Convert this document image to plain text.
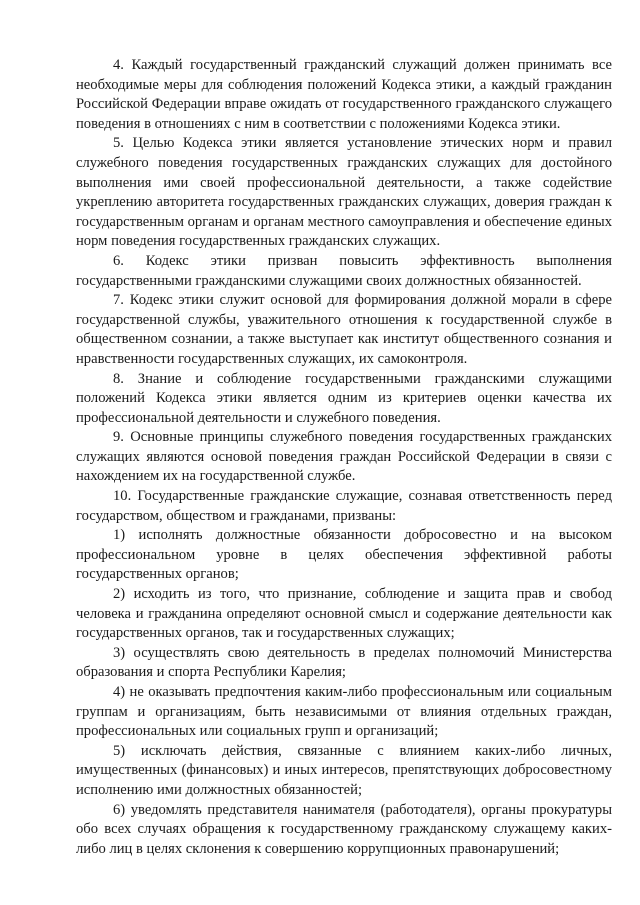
4. Каждый государственный гражданский служащий должен принимать все необходимые меры для соблюдения положений Кодекса этики, а каждый гражданин Российской Федерации вправе ожидать от государственного гражданского служащего поведения в отношениях с ним в соответствии с положениями Кодекса этики.

5. Целью Кодекса этики является установление этических норм и правил служебного поведения государственных гражданских служащих для достойного выполнения ими своей профессиональной деятельности, а также содействие укреплению авторитета государственных гражданских служащих, доверия граждан к государственным органам и органам местного самоуправления и обеспечение единых норм поведения государственных гражданских служащих.

6. Кодекс этики призван повысить эффективность выполнения государственными гражданскими служащими своих должностных обязанностей.

7. Кодекс этики служит основой для формирования должной морали в сфере государственной службы, уважительного отношения к государственной службе в общественном сознании, а также выступает как институт общественного сознания и нравственности государственных служащих, их самоконтроля.

8. Знание и соблюдение государственными гражданскими служащими положений Кодекса этики является одним из критериев оценки качества их профессиональной деятельности и служебного поведения.

9. Основные принципы служебного поведения государственных гражданских служащих являются основой поведения граждан Российской Федерации в связи с нахождением их на государственной службе.

10. Государственные гражданские служащие, сознавая ответственность перед государством, обществом и гражданами, призваны:

1) исполнять должностные обязанности добросовестно и на высоком профессиональном уровне в целях обеспечения эффективной работы государственных органов;

2) исходить из того, что признание, соблюдение и защита прав и свобод человека и гражданина определяют основной смысл и содержание деятельности как государственных органов, так и государственных служащих;

3) осуществлять свою деятельность в пределах полномочий Министерства образования и спорта Республики Карелия;

4) не оказывать предпочтения каким-либо профессиональным или социальным группам и организациям, быть независимыми от влияния отдельных граждан, профессиональных или социальных групп и организаций;

5) исключать действия, связанные с влиянием каких-либо личных, имущественных (финансовых) и иных интересов, препятствующих добросовестному исполнению ими должностных обязанностей;

6) уведомлять представителя нанимателя (работодателя), органы прокуратуры обо всех случаях обращения к государственному гражданскому служащему каких-либо лиц в целях склонения к совершению коррупционных правонарушений;
